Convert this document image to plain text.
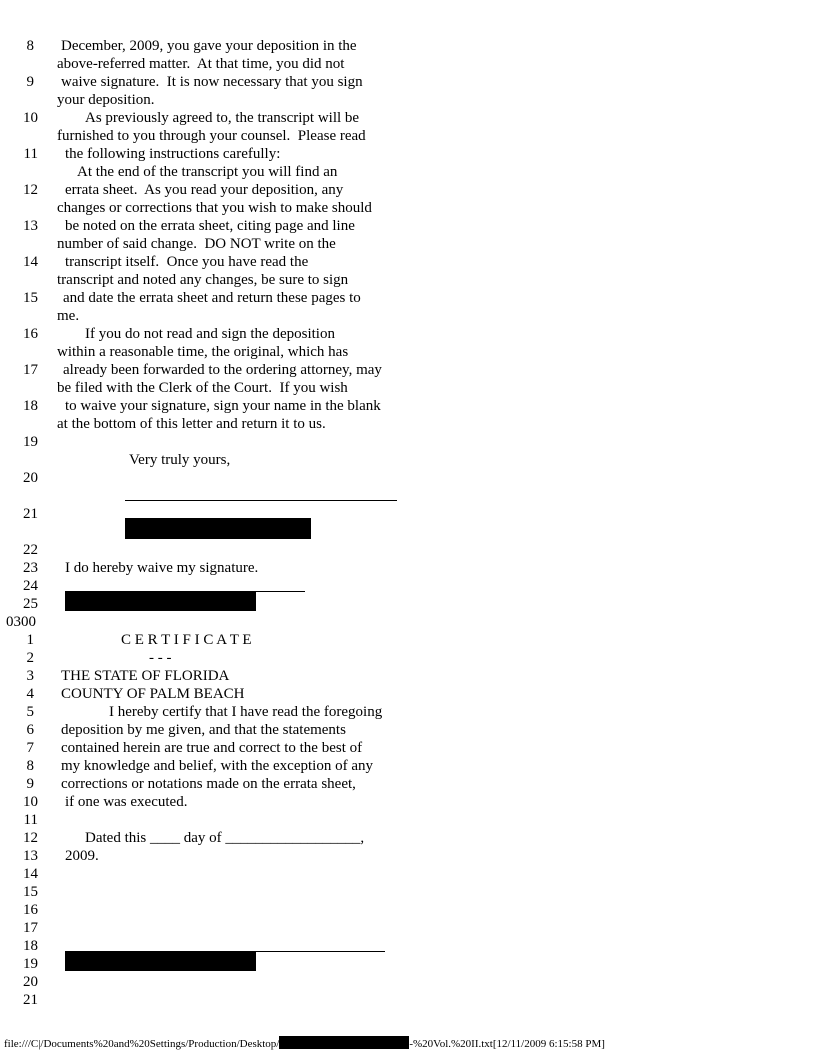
8
9
10
11
12
13
14
15
16
17
18
19
20
21
22
23
24
25
December, 2009, you gave your deposition in the
above-referred matter.  At that time, you did not
waive signature.  It is now necessary that you sign
your deposition.
As previously agreed to, the transcript will be
furnished to you through your counsel.  Please read
the following instructions carefully:
At the end of the transcript you will find an
errata sheet.  As you read your deposition, any
changes or corrections that you wish to make should
be noted on the errata sheet, citing page and line
number of said change.  DO NOT write on the
transcript itself.  Once you have read the
transcript and noted any changes, be sure to sign
and date the errata sheet and return these pages to
me.
If you do not read and sign the deposition
within a reasonable time, the original, which has
already been forwarded to the ordering attorney, may
be filed with the Clerk of the Court.  If you wish
to waive your signature, sign your name in the blank
at the bottom of this letter and return it to us.
Very truly yours,
I do hereby waive my signature.
0300
1
2
3
4
5
6
7
8
9
10
11
12
13
14
15
16
17
18
19
20
21
C E R T I F I C A T E
- - -
THE STATE OF FLORIDA
COUNTY OF PALM BEACH
I hereby certify that I have read the foregoing
deposition by me given, and that the statements
contained herein are true and correct to the best of
my knowledge and belief, with the exception of any
corrections or notations made on the errata sheet,
if one was executed.
Dated this ____ day of __________________,
2009.
file:///C|/Documents%20and%20Settings/Production/Desktop/	-%20Vol.%20II.txt[12/11/2009 6:15:58 PM]
